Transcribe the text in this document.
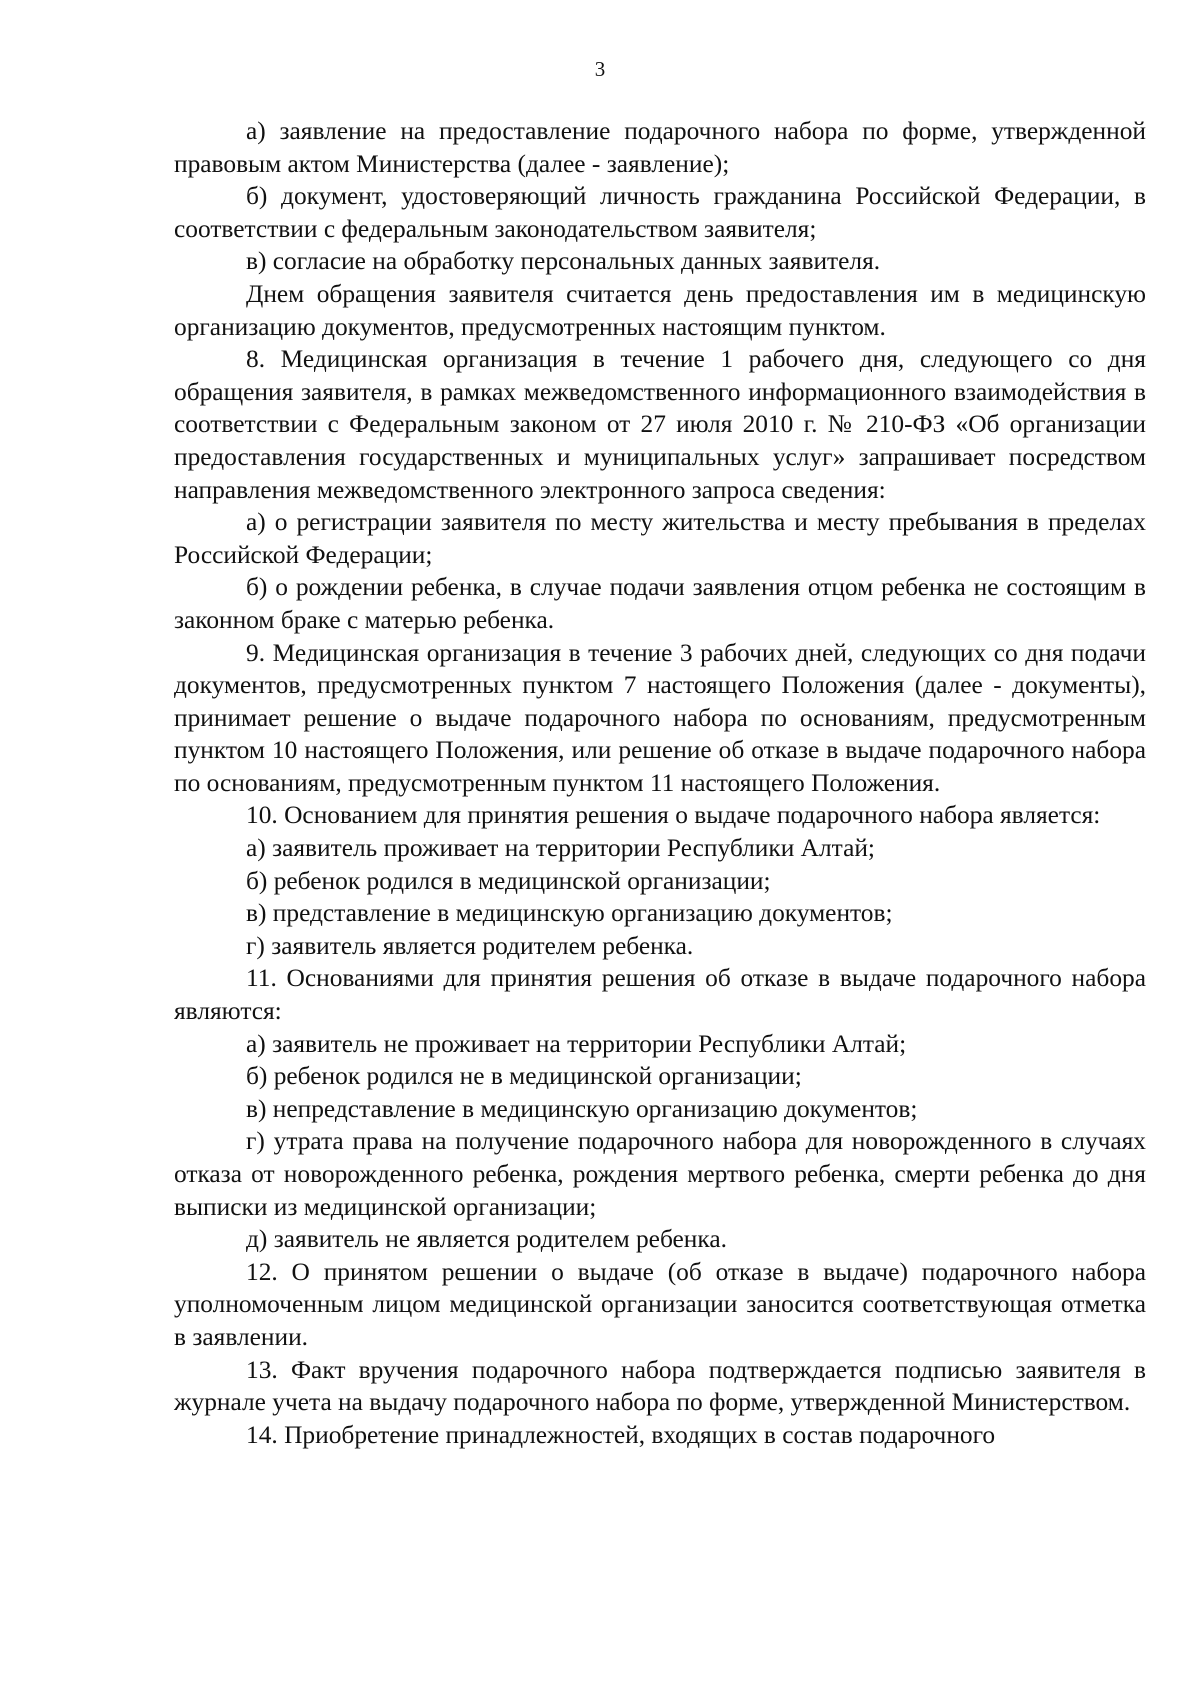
3

а) заявление на предоставление подарочного набора по форме, утвержденной правовым актом Министерства (далее - заявление);

б) документ, удостоверяющий личность гражданина Российской Федерации, в соответствии с федеральным законодательством заявителя;

в) согласие на обработку персональных данных заявителя.

Днем обращения заявителя считается день предоставления им в медицинскую организацию документов, предусмотренных настоящим пунктом.

8. Медицинская организация в течение 1 рабочего дня, следующего со дня обращения заявителя, в рамках межведомственного информационного взаимодействия в соответствии с Федеральным законом от 27 июля 2010 г. № 210-ФЗ «Об организации предоставления государственных и муниципальных услуг» запрашивает посредством направления межведомственного электронного запроса сведения:

а) о регистрации заявителя по месту жительства и месту пребывания в пределах Российской Федерации;

б) о рождении ребенка, в случае подачи заявления отцом ребенка не состоящим в законном браке с матерью ребенка.

9. Медицинская организация в течение 3 рабочих дней, следующих со дня подачи документов, предусмотренных пунктом 7 настоящего Положения (далее - документы), принимает решение о выдаче подарочного набора по основаниям, предусмотренным пунктом 10 настоящего Положения, или решение об отказе в выдаче подарочного набора по основаниям, предусмотренным пунктом 11 настоящего Положения.

10. Основанием для принятия решения о выдаче подарочного набора является:

а) заявитель проживает на территории Республики Алтай;

б) ребенок родился в медицинской организации;

в) представление в медицинскую организацию документов;

г) заявитель является родителем ребенка.

11. Основаниями для принятия решения об отказе в выдаче подарочного набора являются:

а) заявитель не проживает на территории Республики Алтай;

б) ребенок родился не в медицинской организации;

в) непредставление в медицинскую организацию документов;

г) утрата права на получение подарочного набора для новорожденного в случаях отказа от новорожденного ребенка, рождения мертвого ребенка, смерти ребенка до дня выписки из медицинской организации;

д) заявитель не является родителем ребенка.

12. О принятом решении о выдаче (об отказе в выдаче) подарочного набора уполномоченным лицом медицинской организации заносится соответствующая отметка в заявлении.

13. Факт вручения подарочного набора подтверждается подписью заявителя в журнале учета на выдачу подарочного набора по форме, утвержденной Министерством.

14. Приобретение принадлежностей, входящих в состав подарочного
